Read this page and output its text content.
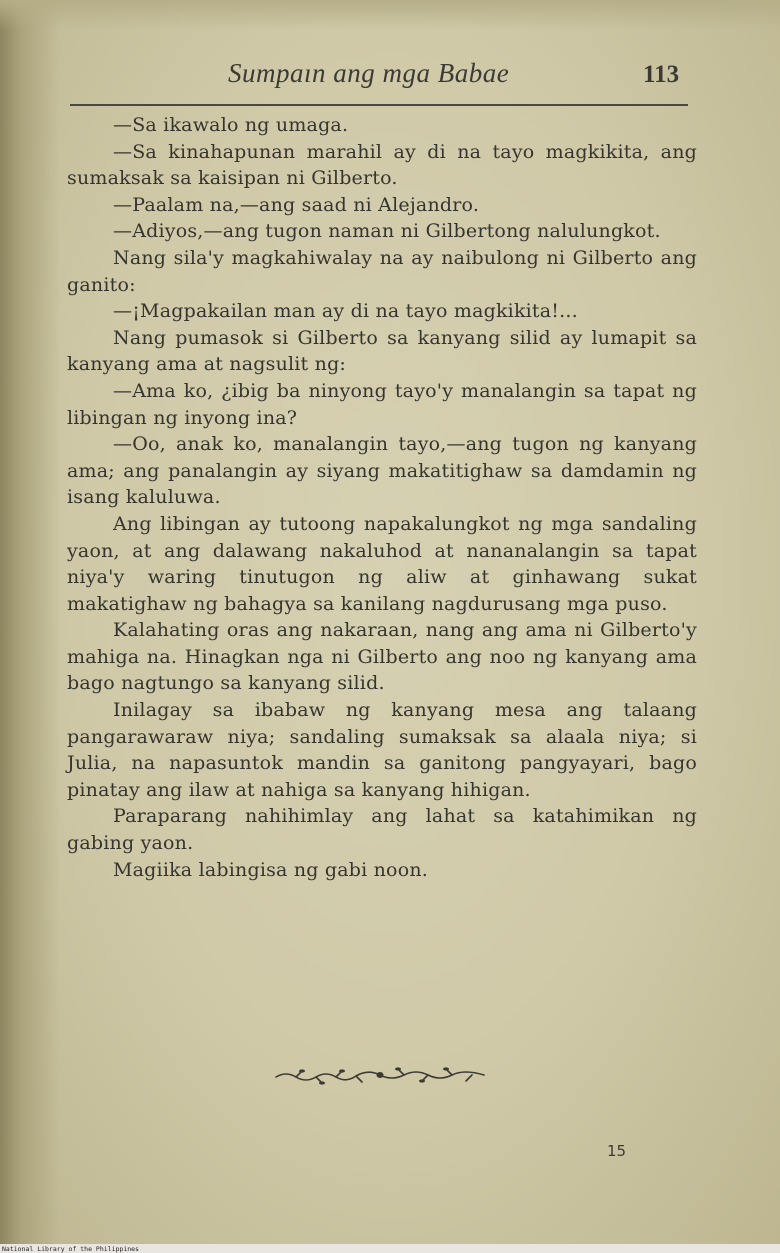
Sumpaın ang mga Babae	113

—Sa ikawalo ng umaga.

—Sa kinahapunan marahil ay di na tayo magkikita, ang sumaksak sa kaisipan ni Gilberto.

—Paalam na,—ang saad ni Alejandro.

—Adiyos,—ang tugon naman ni Gilbertong nalulungkot.

Nang sila'y magkahiwalay na ay naibulong ni Gilberto ang ganito:

—¡Magpakailan man ay di na tayo magkikita!...

Nang pumasok si Gilberto sa kanyang silid ay lumapit sa kanyang ama at nagsulit ng:

—Ama ko, ¿ibig ba ninyong tayo'y manalangin sa tapat ng libingan ng inyong ina?

—Oo, anak ko, manalangin tayo,—ang tugon ng kanyang ama; ang panalangin ay siyang makatitighaw sa damdamin ng isang kaluluwa.

Ang libingan ay tutoong napakalungkot ng mga sandaling yaon, at ang dalawang nakaluhod at nananalangin sa tapat niya'y waring tinutugon ng aliw at ginhawang sukat makatighaw ng bahagya sa kanilang nagdurusang mga puso.

Kalahating oras ang nakaraan, nang ang ama ni Gilberto'y mahiga na. Hinagkan nga ni Gilberto ang noo ng kanyang ama bago nagtungo sa kanyang silid.

Inilagay sa ibabaw ng kanyang mesa ang talaang pangarawaraw niya; sandaling sumaksak sa alaala niya; si Julia, na napasuntok mandin sa ganitong pangyayari, bago pinatay ang ilaw at nahiga sa kanyang hihigan.

Paraparang nahihimlay ang lahat sa katahimikan ng gabing yaon.

Magiika labingisa ng gabi noon.

15
National Library of the Philippines
